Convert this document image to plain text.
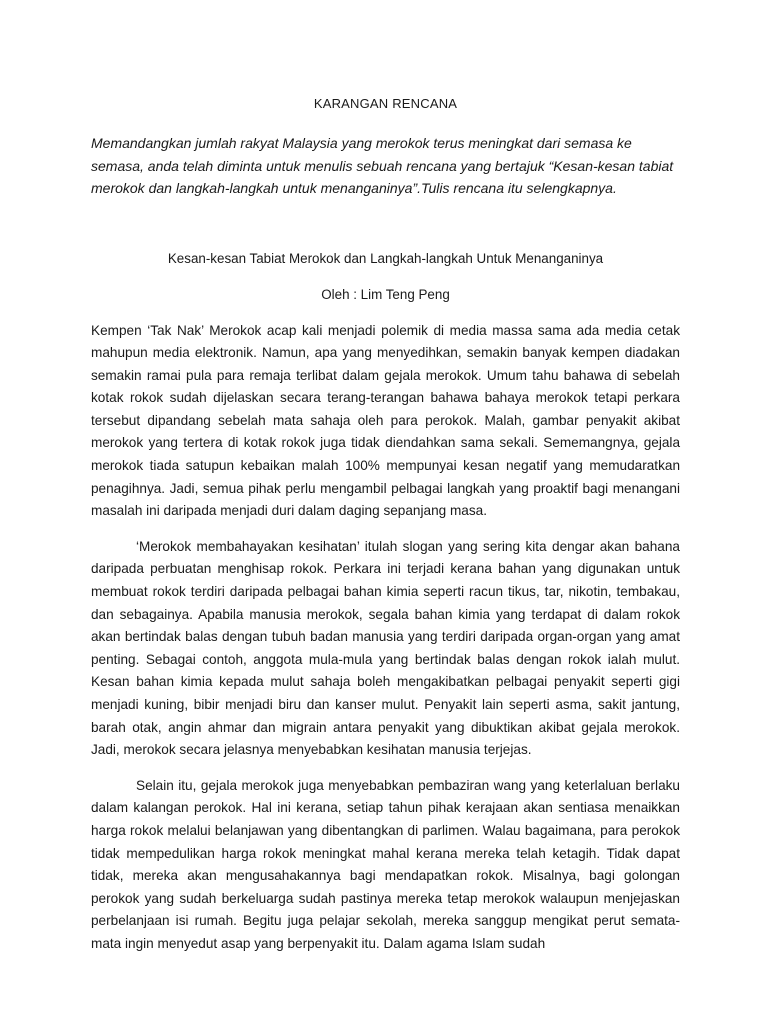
KARANGAN RENCANA
Memandangkan jumlah rakyat Malaysia yang merokok terus meningkat dari semasa ke semasa, anda telah diminta untuk menulis sebuah rencana yang bertajuk “Kesan-kesan tabiat merokok dan langkah-langkah untuk menanganinya”.Tulis rencana itu selengkapnya.
Kesan-kesan Tabiat Merokok dan Langkah-langkah Untuk Menanganinya
Oleh : Lim Teng Peng

Kempen ‘Tak Nak’ Merokok acap kali menjadi polemik di media massa sama ada media cetak mahupun media elektronik. Namun, apa yang menyedihkan, semakin banyak kempen diadakan semakin ramai pula para remaja terlibat dalam gejala merokok. Umum tahu bahawa di sebelah kotak rokok sudah dijelaskan secara terang-terangan bahawa bahaya merokok tetapi perkara tersebut dipandang sebelah mata sahaja oleh para perokok. Malah, gambar penyakit akibat merokok yang tertera di kotak rokok juga tidak diendahkan sama sekali. Sememangnya, gejala merokok tiada satupun kebaikan malah 100% mempunyai kesan negatif yang memudaratkan penagihnya. Jadi, semua pihak perlu mengambil pelbagai langkah yang proaktif bagi menangani masalah ini daripada menjadi duri dalam daging sepanjang masa.

‘Merokok membahayakan kesihatan’ itulah slogan yang sering kita dengar akan bahana daripada perbuatan menghisap rokok. Perkara ini terjadi kerana bahan yang digunakan untuk membuat rokok terdiri daripada pelbagai bahan kimia seperti racun tikus, tar, nikotin, tembakau, dan sebagainya. Apabila manusia merokok, segala bahan kimia yang terdapat di dalam rokok akan bertindak balas dengan tubuh badan manusia yang terdiri daripada organ-organ yang amat penting. Sebagai contoh, anggota mula-mula yang bertindak balas dengan rokok ialah mulut. Kesan bahan kimia kepada mulut sahaja boleh mengakibatkan pelbagai penyakit seperti gigi menjadi kuning, bibir menjadi biru dan kanser mulut. Penyakit lain seperti asma, sakit jantung, barah otak, angin ahmar dan migrain antara penyakit yang dibuktikan akibat gejala merokok. Jadi, merokok secara jelasnya menyebabkan kesihatan manusia terjejas.

Selain itu, gejala merokok juga menyebabkan pembaziran wang yang keterlaluan berlaku dalam kalangan perokok. Hal ini kerana, setiap tahun pihak kerajaan akan sentiasa menaikkan harga rokok melalui belanjawan yang dibentangkan di parlimen. Walau bagaimana, para perokok tidak mempedulikan harga rokok meningkat mahal kerana mereka telah ketagih. Tidak dapat tidak, mereka akan mengusahakannya bagi mendapatkan rokok. Misalnya, bagi golongan perokok yang sudah berkeluarga sudah pastinya mereka tetap merokok walaupun menjejaskan perbelanjaan isi rumah. Begitu juga pelajar sekolah, mereka sanggup mengikat perut semata-mata ingin menyedut asap yang berpenyakit itu. Dalam agama Islam sudah
